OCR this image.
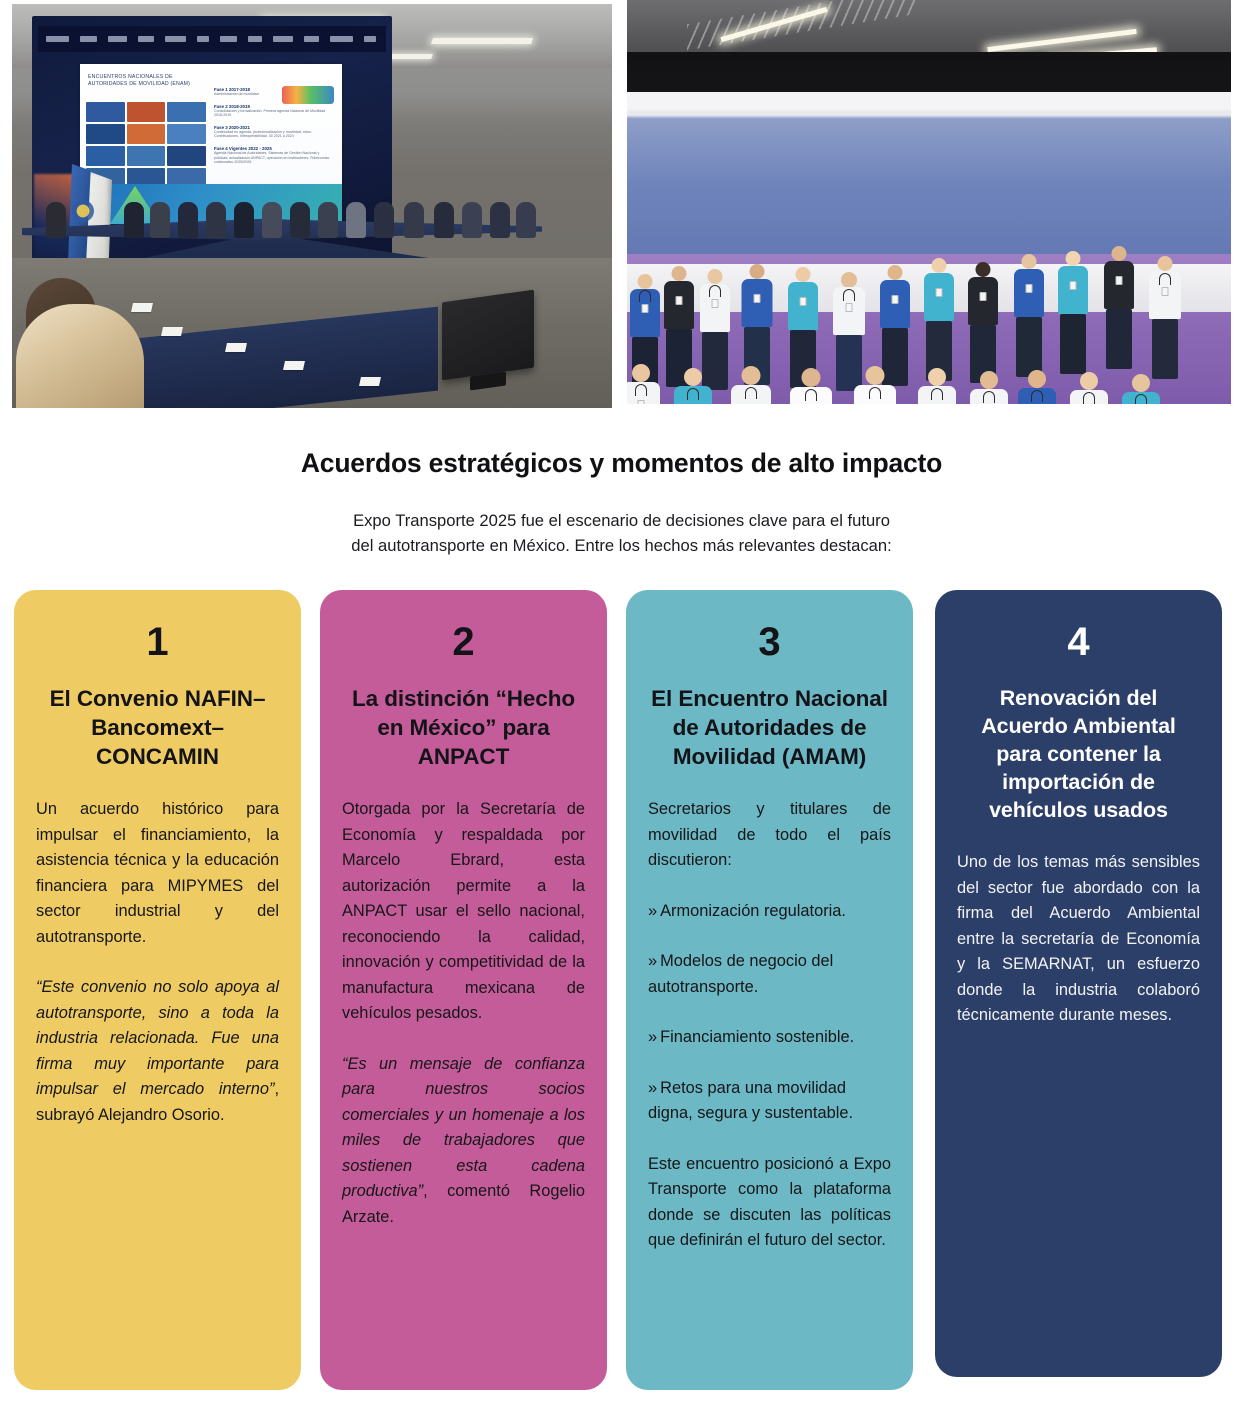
ENCUENTROS NACIONALES DE AUTORIDADES DE MOVILIDAD (ENAM)
Fase 1 2017-2018
Administración de movilidad
Fase 2 2018-2019
Consolidación y formalización. Primera agenda Nacional de Movilidad 2018-2019
Fase 3 2020-2021
Continuidad en agenda, profesionalización y movilidad; retos. Contribuciones. Interoperabilidad. 30 2021 a 2024
Fase 4 Vigentes 2022 - 2025
Agenda Nacional de Autoridades. Sistemas de Gestión Nacional y públicas; actualización ANPACT, operación en instituciones. Fideicomiso colaborativo 2025/2026
Acuerdos estratégicos y momentos de alto impacto

Expo Transporte 2025 fue el escenario de decisiones clave para el futuro

del autotransporte en México. Entre los hechos más relevantes destacan:

1
El Convenio NAFIN–Bancomext–CONCAMIN

Un acuerdo histórico para impulsar el financiamiento, la asistencia técnica y la educación financiera para MIPYMES del sector industrial y del autotransporte.

“Este convenio no solo apoya al autotransporte, sino a toda la industria relacionada. Fue una firma muy importante para impulsar el mercado interno”, subrayó Alejandro Osorio.

2
La distinción “Hecho en México” para ANPACT

Otorgada por la Secretaría de Economía y respaldada por Marcelo Ebrard, esta autorización permite a la ANPACT usar el sello nacional, reconociendo la calidad, innovación y competitividad de la manufactura mexicana de vehículos pesados.

“Es un mensaje de confianza para nuestros socios comerciales y un homenaje a los miles de trabajadores que sostienen esta cadena productiva”, comentó Rogelio Arzate.

3
El Encuentro Nacional de Autoridades de Movilidad (AMAM)

Secretarios y titulares de movilidad de todo el país discutieron:

» Armonización regulatoria.

» Modelos de negocio del autotransporte.

» Financiamiento sostenible.

» Retos para una movilidad digna, segura y sustentable.

Este encuentro posicionó a Expo Transporte como la plataforma donde se discuten las políticas que definirán el futuro del sector.

4
Renovación del Acuerdo Ambiental para contener la importación de vehículos usados

Uno de los temas más sensibles del sector fue abordado con la firma del Acuerdo Ambiental entre la secretaría de Economía y la SEMARNAT, un esfuerzo donde la industria colaboró técnicamente durante meses.
